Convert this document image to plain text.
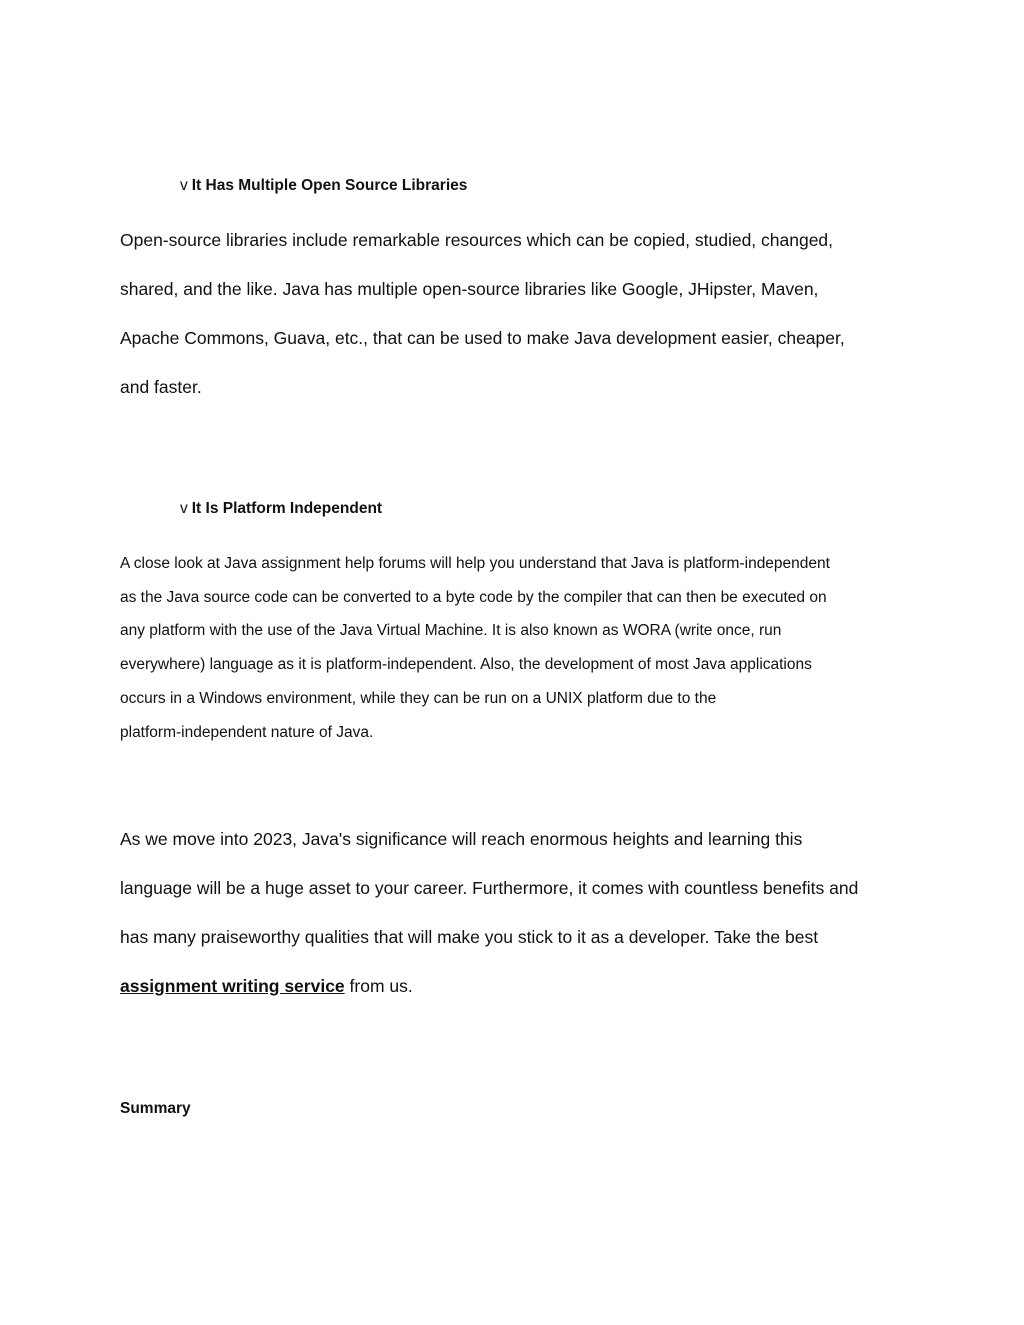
v It Has Multiple Open Source Libraries
Open-source libraries include remarkable resources which can be copied, studied, changed,
shared, and the like. Java has multiple open-source libraries like Google, JHipster, Maven,
Apache Commons, Guava, etc., that can be used to make Java development easier, cheaper,
and faster.
v It Is Platform Independent
A close look at Java assignment help forums will help you understand that Java is platform-independent
as the Java source code can be converted to a byte code by the compiler that can then be executed on
any platform with the use of the Java Virtual Machine. It is also known as WORA (write once, run
everywhere) language as it is platform-independent. Also, the development of most Java applications
occurs in a Windows environment, while they can be run on a UNIX platform due to the
platform-independent nature of Java.
As we move into 2023, Java's significance will reach enormous heights and learning this
language will be a huge asset to your career. Furthermore, it comes with countless benefits and
has many praiseworthy qualities that will make you stick to it as a developer. Take the best
assignment writing service from us.
Summary
